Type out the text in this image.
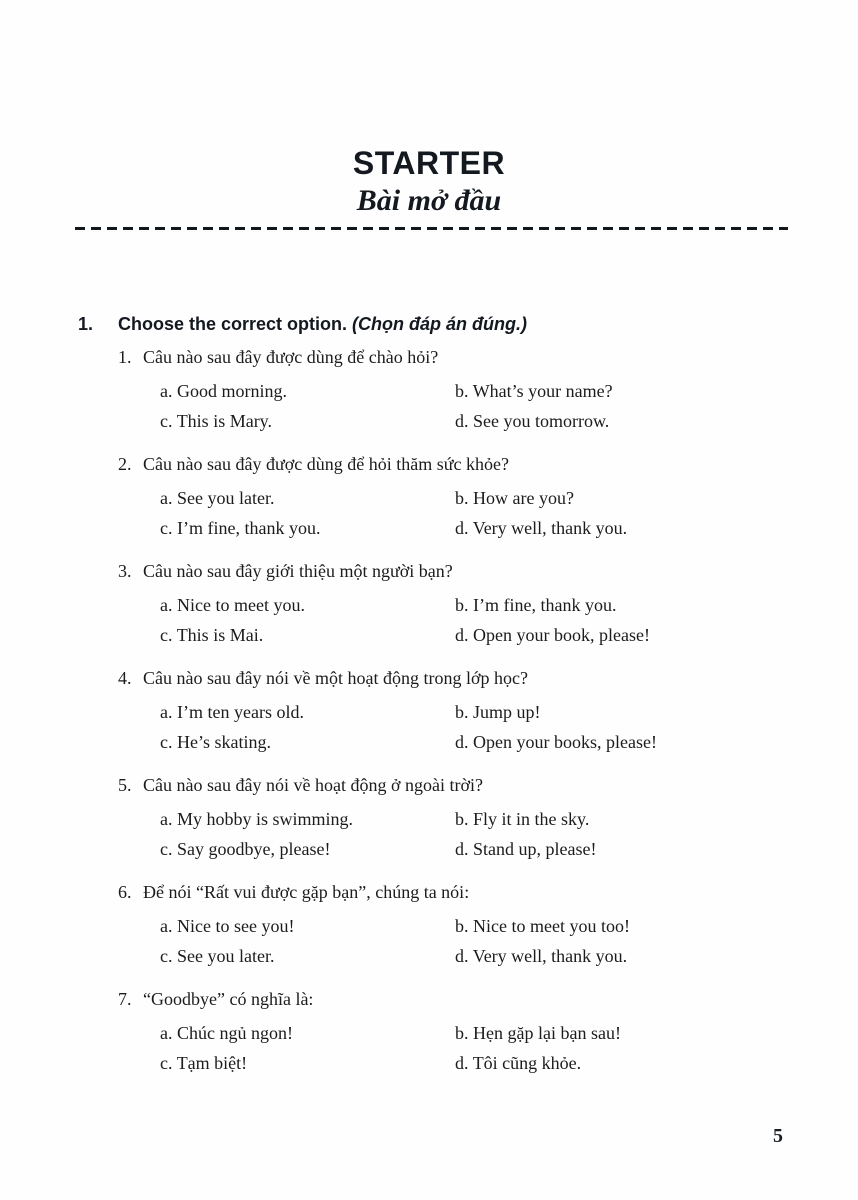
STARTER
Bài mở đầu
1. Choose the correct option. (Chọn đáp án đúng.)
1. Câu nào sau đây được dùng để chào hỏi?
a. Good morning.	b. What’s your name?
c. This is Mary.	d. See you tomorrow.
2. Câu nào sau đây được dùng để hỏi thăm sức khỏe?
a. See you later.	b. How are you?
c. I’m fine, thank you.	d. Very well, thank you.
3. Câu nào sau đây giới thiệu một người bạn?
a. Nice to meet you.	b. I’m fine, thank you.
c. This is Mai.	d. Open your book, please!
4. Câu nào sau đây nói về một hoạt động trong lớp học?
a. I’m ten years old.	b. Jump up!
c. He’s skating.	d. Open your books, please!
5. Câu nào sau đây nói về hoạt động ở ngoài trời?
a. My hobby is swimming.	b. Fly it in the sky.
c. Say goodbye, please!	d. Stand up, please!
6. Để nói “Rất vui được gặp bạn”, chúng ta nói:
a. Nice to see you!	b. Nice to meet you too!
c. See you later.	d. Very well, thank you.
7. “Goodbye” có nghĩa là:
a. Chúc ngủ ngon!	b. Hẹn gặp lại bạn sau!
c. Tạm biệt!	d. Tôi cũng khỏe.
5
